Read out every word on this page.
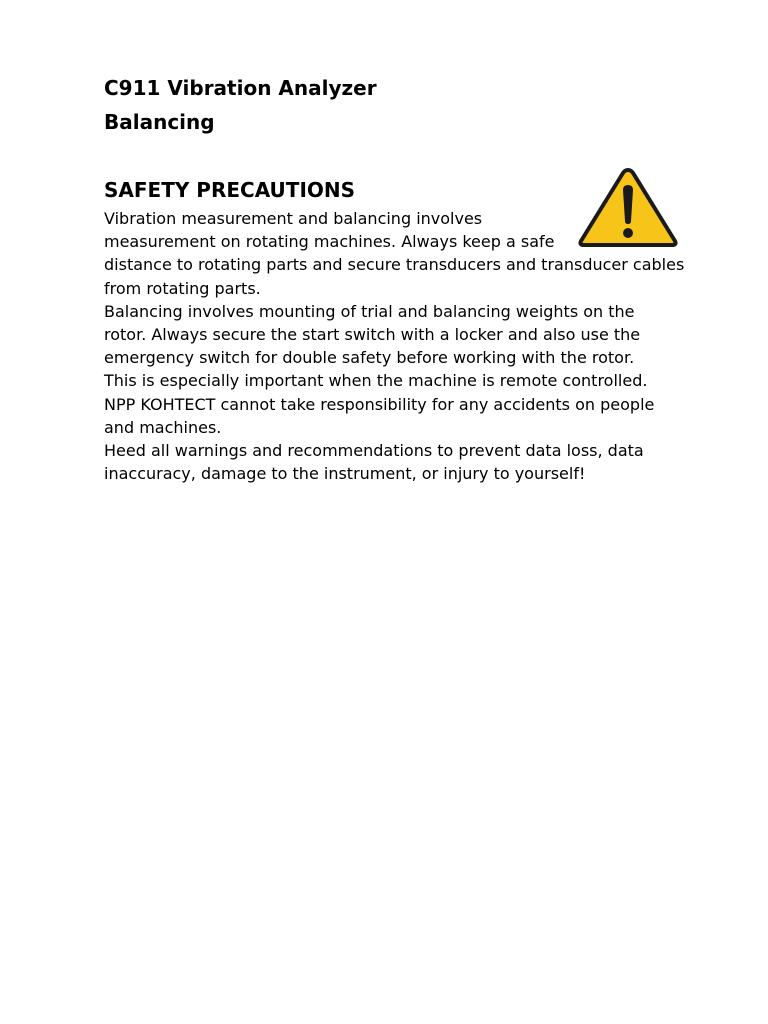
C911 Vibration Analyzer
Balancing
SAFETY PRECAUTIONS
Vibration measurement and balancing involves
measurement on rotating machines. Always keep a safe
distance to rotating parts and secure transducers and transducer cables
from rotating parts.
Balancing involves mounting of trial and balancing weights on the
rotor. Always secure the start switch with a locker and also use the
emergency switch for double safety before working with the rotor.
This is especially important when the machine is remote controlled.
NPP KOHTECT cannot take responsibility for any accidents on people
and machines.
Heed all warnings and recommendations to prevent data loss, data
inaccuracy, damage to the instrument, or injury to yourself!
